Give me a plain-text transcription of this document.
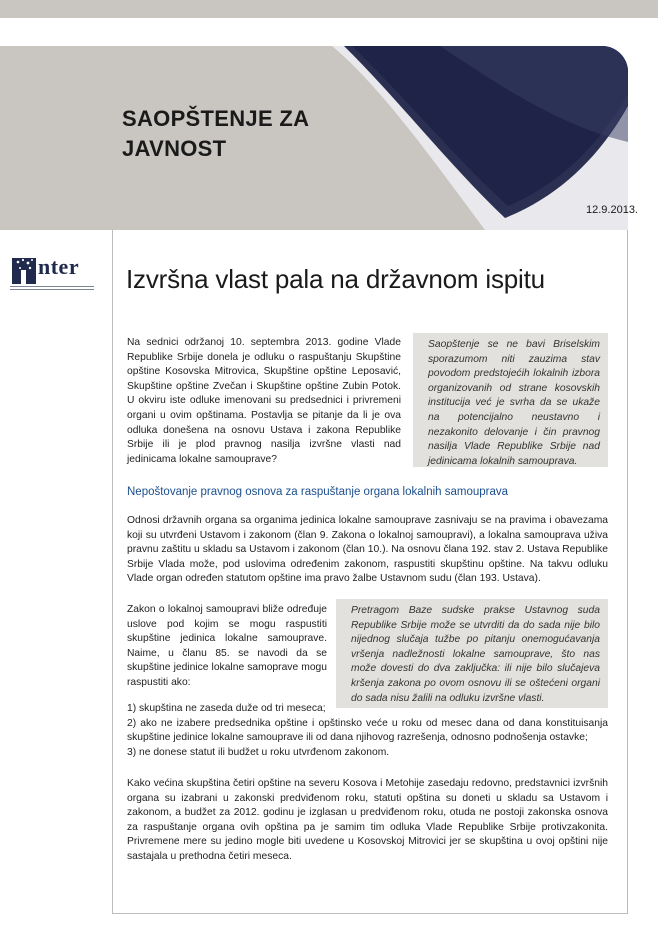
SAOPŠTENJE ZA
JAVNOST
12.9.2013.
nter Izvršna vlast pala na državnom ispitu
Na sednici održanoj 10. septembra 2013. godine Vlade Republike Srbije donela je odluku o raspuštanju Skupštine opštine Kosovska Mitrovica, Skupštine opštine Leposavić, Skupštine opštine Zvečan i Skupštine opštine Zubin Potok. U okviru iste odluke imenovani su predsednici i privremeni organi u ovim opštinama. Postavlja se pitanje da li je ova odluka donešena na osnovu Ustava i zakona Republike Srbije ili je plod pravnog nasilja izvršne vlasti nad jedinicama lokalne samouprave?
Saopštenje se ne bavi Briselskim sporazumom niti zauzima stav povodom predstojećih lokalnih izbora organizovanih od strane kosovskih institucija već je svrha da se ukaže na potencijalno neustavno i nezakonito delovanje i čin pravnog nasilja Vlade Republike Srbije nad jedinicama lokalnih samouprava.
Nepoštovanje pravnog osnova za raspuštanje organa lokalnih samouprava
Odnosi državnih organa sa organima jedinica lokalne samouprave zasnivaju se na pravima i obavezama koji su utvrđeni Ustavom i zakonom (član 9. Zakona o lokalnoj samoupravi), a lokalna samouprava uživa pravnu zaštitu u skladu sa Ustavom i zakonom (član 10.). Na osnovu člana 192. stav 2. Ustava Republike Srbije Vlada može, pod uslovima određenim zakonom, raspustiti skupštinu opštine. Na takvu odluku Vlade organ određen statutom opštine ima pravo žalbe Ustavnom sudu (član 193. Ustava).
Zakon o lokalnoj samoupravi bliže određuje uslove pod kojim se mogu raspustiti skupštine jedinica lokalne samouprave. Naime, u članu 85. se navodi da se skupštine jedinice lokalne samoprave mogu raspustiti ako:
Pretragom Baze sudske prakse Ustavnog suda Republike Srbije može se utvrditi da do sada nije bilo nijednog slučaja tužbe po pitanju onemogućavanja vršenja nadležnosti lokalne samouprave, što nas može dovesti do dva zaključka: ili nije bilo slučajeva kršenja zakona po ovom osnovu ili se oštećeni organi do sada nisu žalili na odluku izvršne vlasti.
1) skupština ne zaseda duže od tri meseca;
2) ako ne izabere predsednika opštine i opštinsko veće u roku od mesec dana od dana konstituisanja skupštine jedinice lokalne samouprave ili od dana njihovog razrešenja, odnosno podnošenja ostavke;
3) ne donese statut ili budžet u roku utvrđenom zakonom.
Kako većina skupština četiri opštine na severu Kosova i Metohije zasedaju redovno, predstavnici izvršnih organa su izabrani u zakonski predviđenom roku, statuti opština su doneti u skladu sa Ustavom i zakonom, a budžet za 2012. godinu je izglasan u predviđenom roku, otuda ne postoji zakonska osnova za raspuštanje organa ovih opština pa je samim tim odluka Vlade Republike Srbije protivzakonita. Privremene mere su jedino mogle biti uvedene u Kosovskoj Mitrovici jer se skupština u ovoj opštini nije sastajala u prethodna četiri meseca.
